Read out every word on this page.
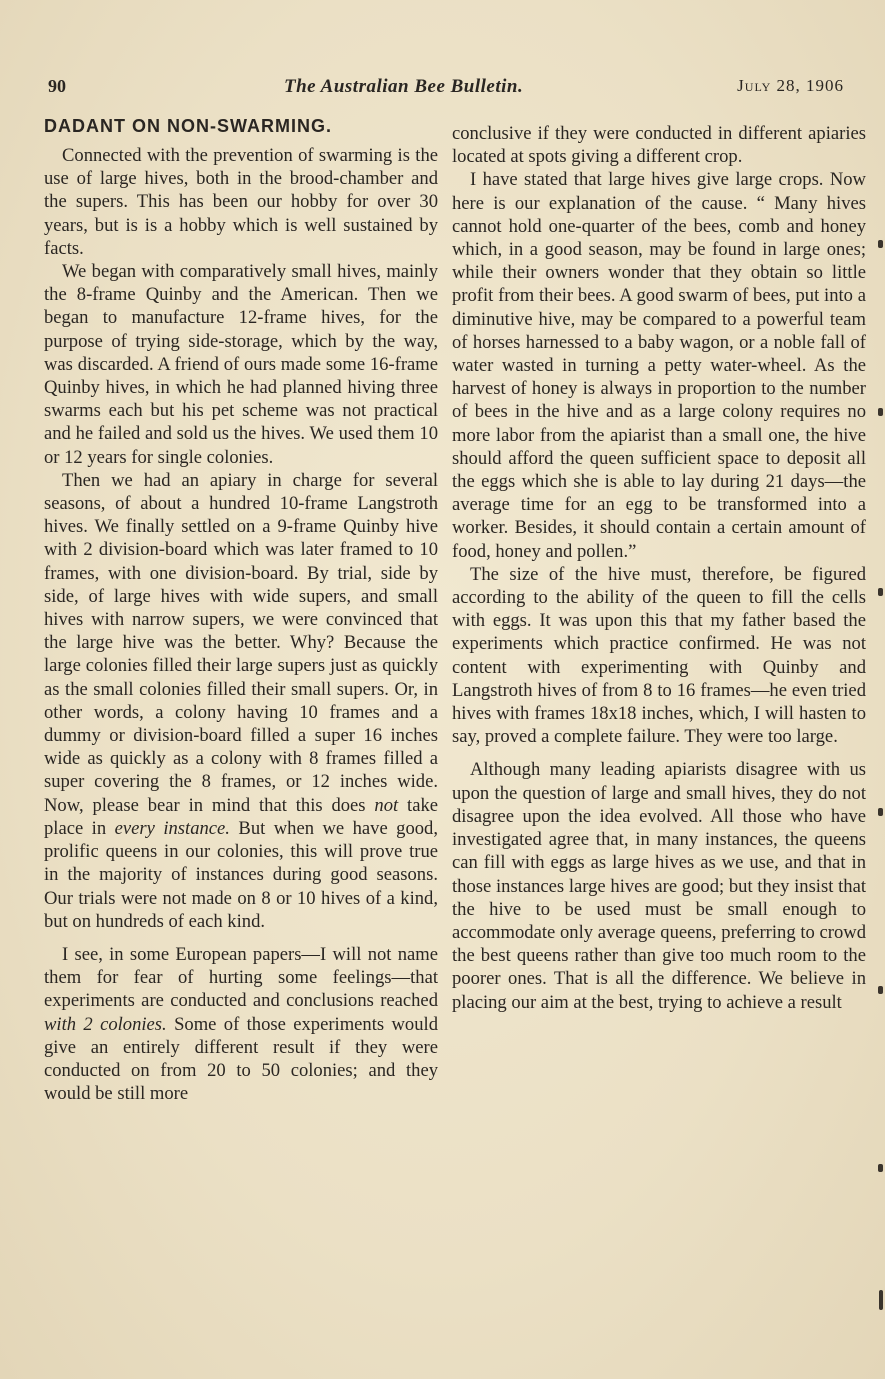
90	The Australian Bee Bulletin.	July 28, 1906
DADANT ON NON-SWARMING.

Connected with the prevention of swarming is the use of large hives, both in the brood-chamber and the supers. This has been our hobby for over 30 years, but is is a hobby which is well sustained by facts.

We began with comparatively small hives, mainly the 8-frame Quinby and the American. Then we began to manufacture 12-frame hives, for the purpose of trying side-storage, which by the way, was discarded. A friend of ours made some 16-frame Quinby hives, in which he had planned hiving three swarms each but his pet scheme was not practical and he failed and sold us the hives. We used them 10 or 12 years for single colonies.

Then we had an apiary in charge for several seasons, of about a hundred 10-frame Langstroth hives. We finally settled on a 9-frame Quinby hive with 2 division-board which was later framed to 10 frames, with one division-board. By trial, side by side, of large hives with wide supers, and small hives with narrow supers, we were convinced that the large hive was the better. Why? Because the large colonies filled their large supers just as quickly as the small colonies filled their small supers. Or, in other words, a colony having 10 frames and a dummy or division-board filled a super 16 inches wide as quickly as a colony with 8 frames filled a super covering the 8 frames, or 12 inches wide. Now, please bear in mind that this does not take place in every instance. But when we have good, prolific queens in our colonies, this will prove true in the majority of instances during good seasons. Our trials were not made on 8 or 10 hives of a kind, but on hundreds of each kind.

I see, in some European papers—I will not name them for fear of hurting some feelings—that experiments are conducted and conclusions reached with 2 colonies. Some of those experiments would give an entirely different result if they were conducted on from 20 to 50 colonies; and they would be still more

conclusive if they were conducted in different apiaries located at spots giving a different crop.

I have stated that large hives give large crops. Now here is our explanation of the cause. “ Many hives cannot hold one-quarter of the bees, comb and honey which, in a good season, may be found in large ones; while their owners wonder that they obtain so little profit from their bees. A good swarm of bees, put into a diminutive hive, may be compared to a powerful team of horses harnessed to a baby wagon, or a noble fall of water wasted in turning a petty water-wheel. As the harvest of honey is always in proportion to the number of bees in the hive and as a large colony requires no more labor from the apiarist than a small one, the hive should afford the queen sufficient space to deposit all the eggs which she is able to lay during 21 days—the average time for an egg to be transformed into a worker. Besides, it should contain a certain amount of food, honey and pollen.”

The size of the hive must, therefore, be figured according to the ability of the queen to fill the cells with eggs. It was upon this that my father based the experiments which practice confirmed. He was not content with experimenting with Quinby and Langstroth hives of from 8 to 16 frames—he even tried hives with frames 18x18 inches, which, I will hasten to say, proved a complete failure. They were too large.

Although many leading apiarists disagree with us upon the question of large and small hives, they do not disagree upon the idea evolved. All those who have investigated agree that, in many instances, the queens can fill with eggs as large hives as we use, and that in those instances large hives are good; but they insist that the hive to be used must be small enough to accommodate only average queens, preferring to crowd the best queens rather than give too much room to the poorer ones. That is all the difference. We believe in placing our aim at the best, trying to achieve a result
